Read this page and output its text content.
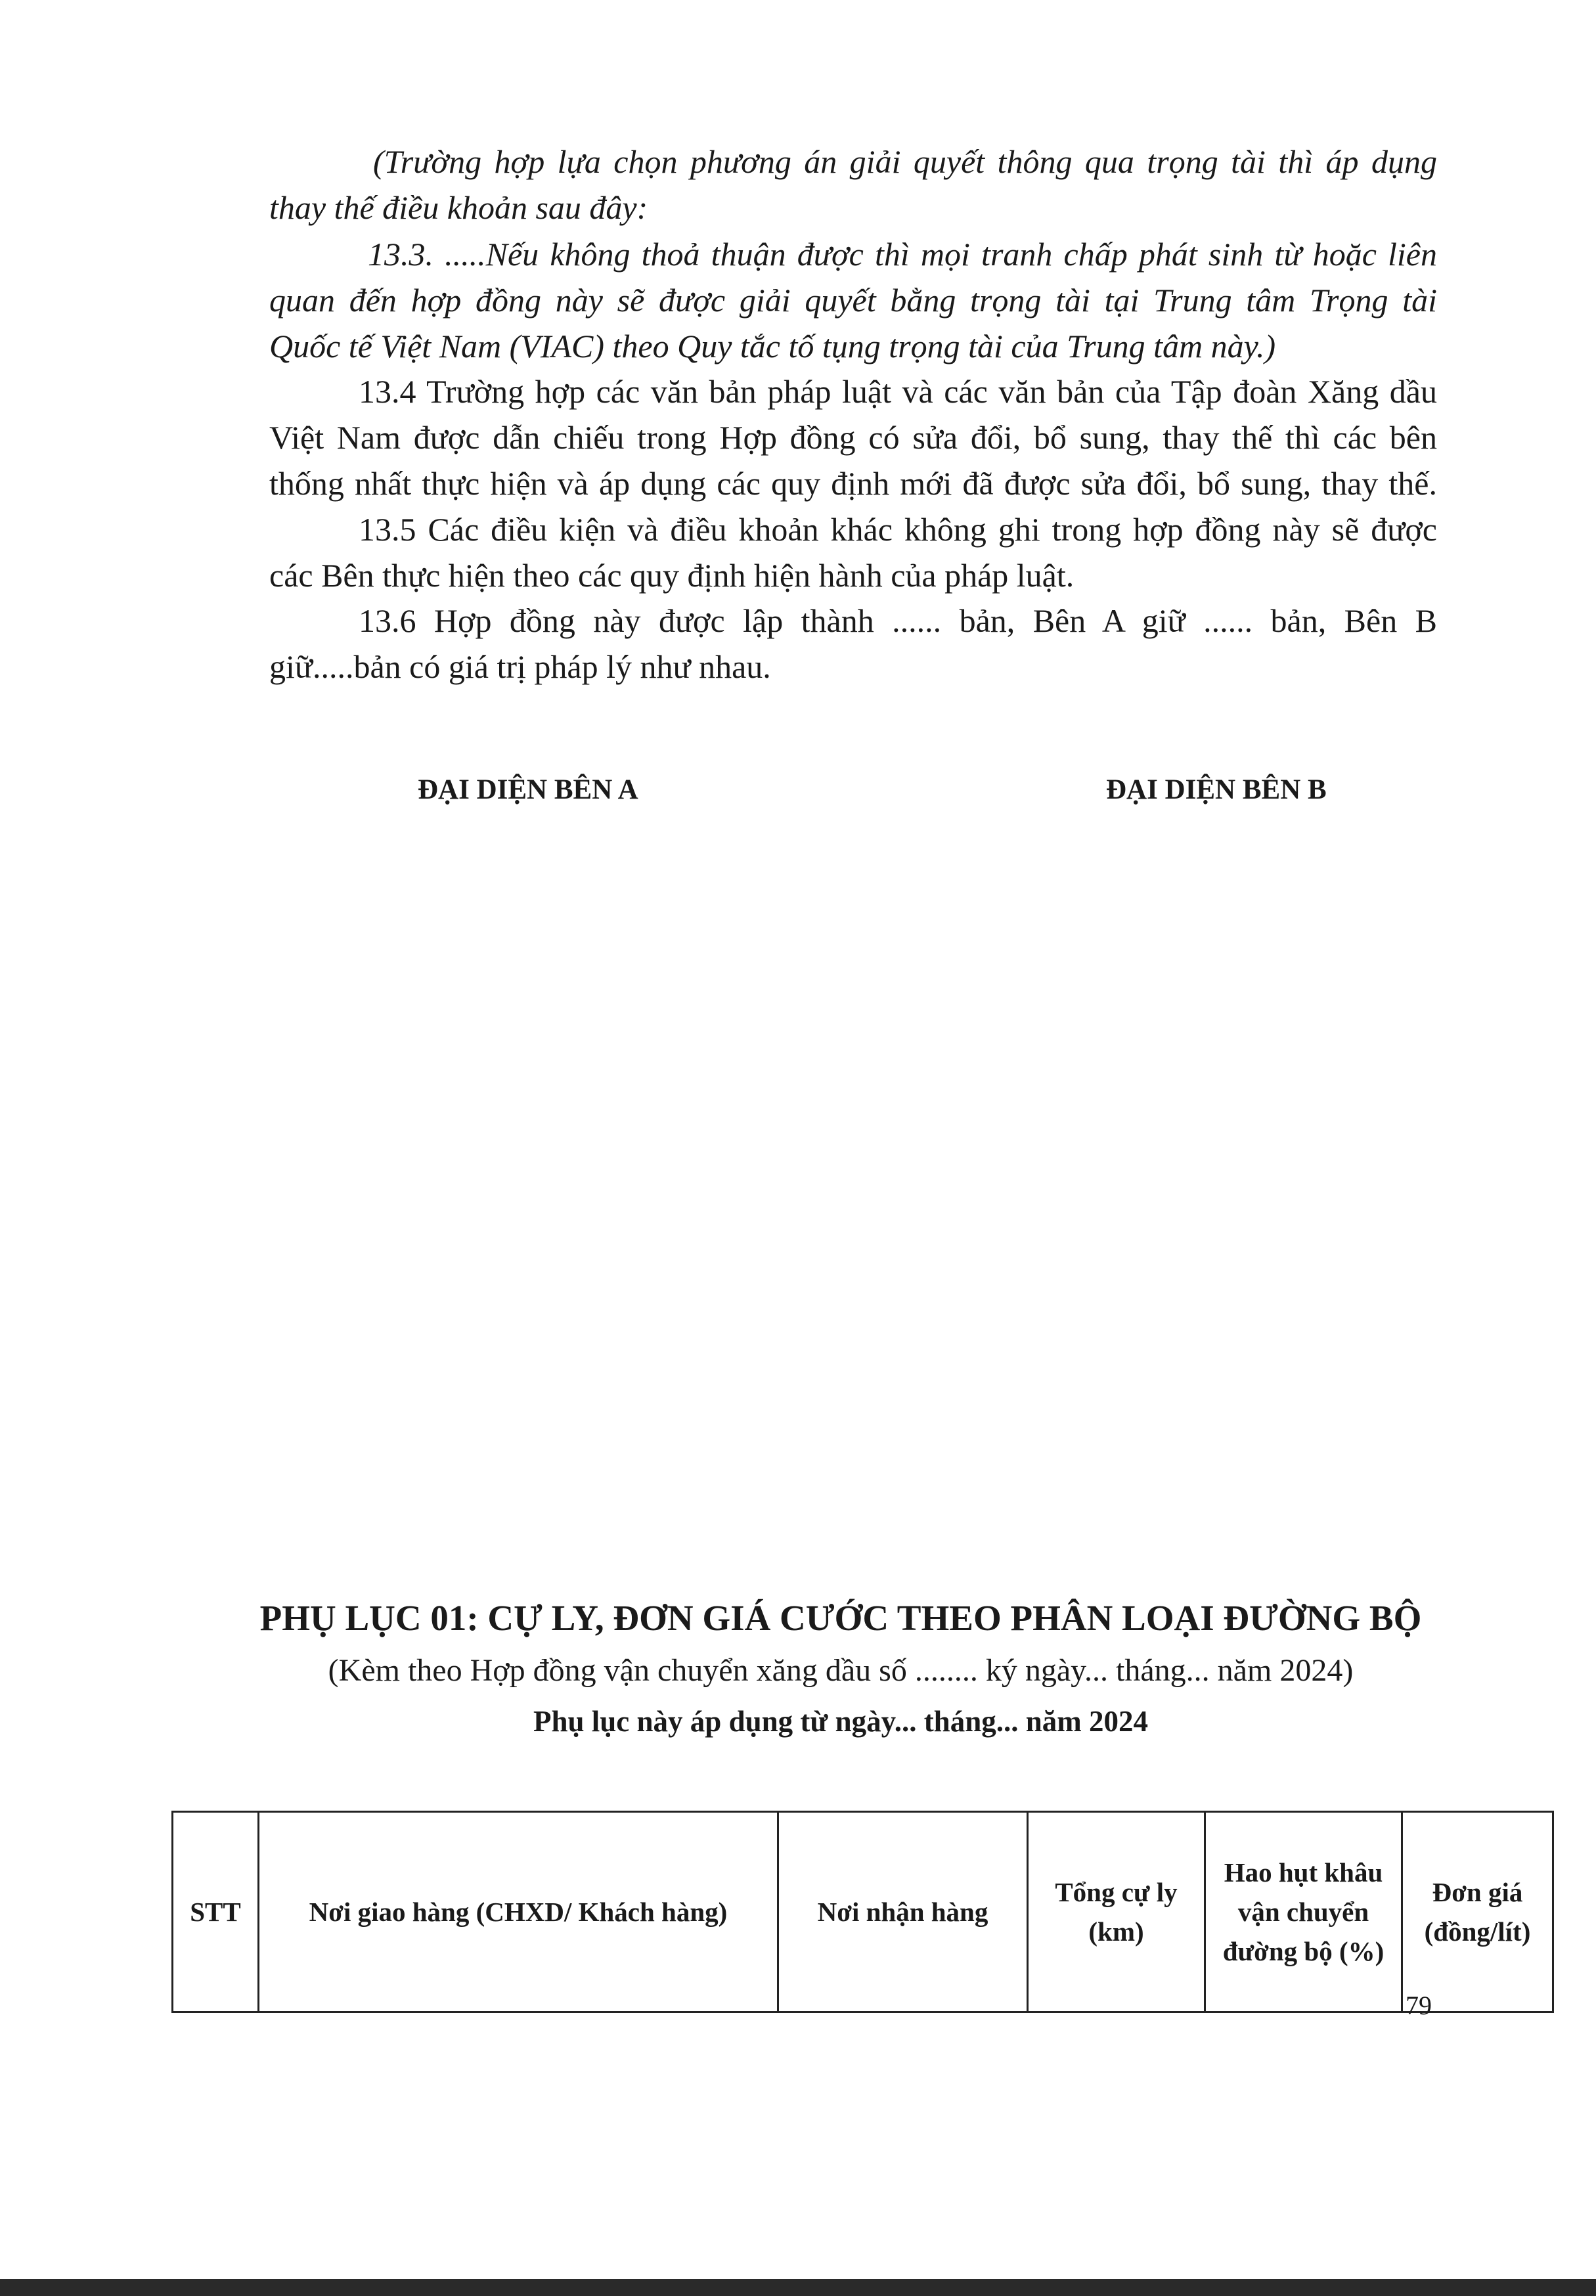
(Trường hợp lựa chọn phương án giải quyết thông qua trọng tài thì áp dụng
thay thế điều khoản sau đây:
13.3. .....Nếu không thoả thuận được thì mọi tranh chấp phát sinh từ hoặc liên
quan đến hợp đồng này sẽ được giải quyết bằng trọng tài tại Trung tâm Trọng tài
Quốc tế Việt Nam (VIAC) theo Quy tắc tố tụng trọng tài của Trung tâm này.)
13.4 Trường hợp các văn bản pháp luật và các văn bản của Tập đoàn Xăng dầu
Việt Nam được dẫn chiếu trong Hợp đồng có sửa đổi, bổ sung, thay thế thì các bên
thống nhất thực hiện và áp dụng các quy định mới đã được sửa đổi, bổ sung, thay thế.
13.5 Các điều kiện và điều khoản khác không ghi trong hợp đồng này sẽ được
các Bên thực hiện theo các quy định hiện hành của pháp luật.
13.6 Hợp đồng này được lập thành ...... bản, Bên A giữ ...... bản, Bên B
giữ.....bản có giá trị pháp lý như nhau.
ĐẠI DIỆN BÊN A	ĐẠI DIỆN BÊN B
PHỤ LỤC 01: CỰ LY, ĐƠN GIÁ CƯỚC THEO PHÂN LOẠI ĐƯỜNG BỘ
(Kèm theo Hợp đồng vận chuyển xăng dầu số ........ ký ngày... tháng... năm 2024)
Phụ lục này áp dụng từ ngày... tháng... năm 2024
STT	Nơi giao hàng (CHXD/ Khách hàng)	Nơi nhận hàng	Tổng cự ly (km)	Hao hụt khâu vận chuyển đường bộ (%)	Đơn giá (đồng/lít)
79
